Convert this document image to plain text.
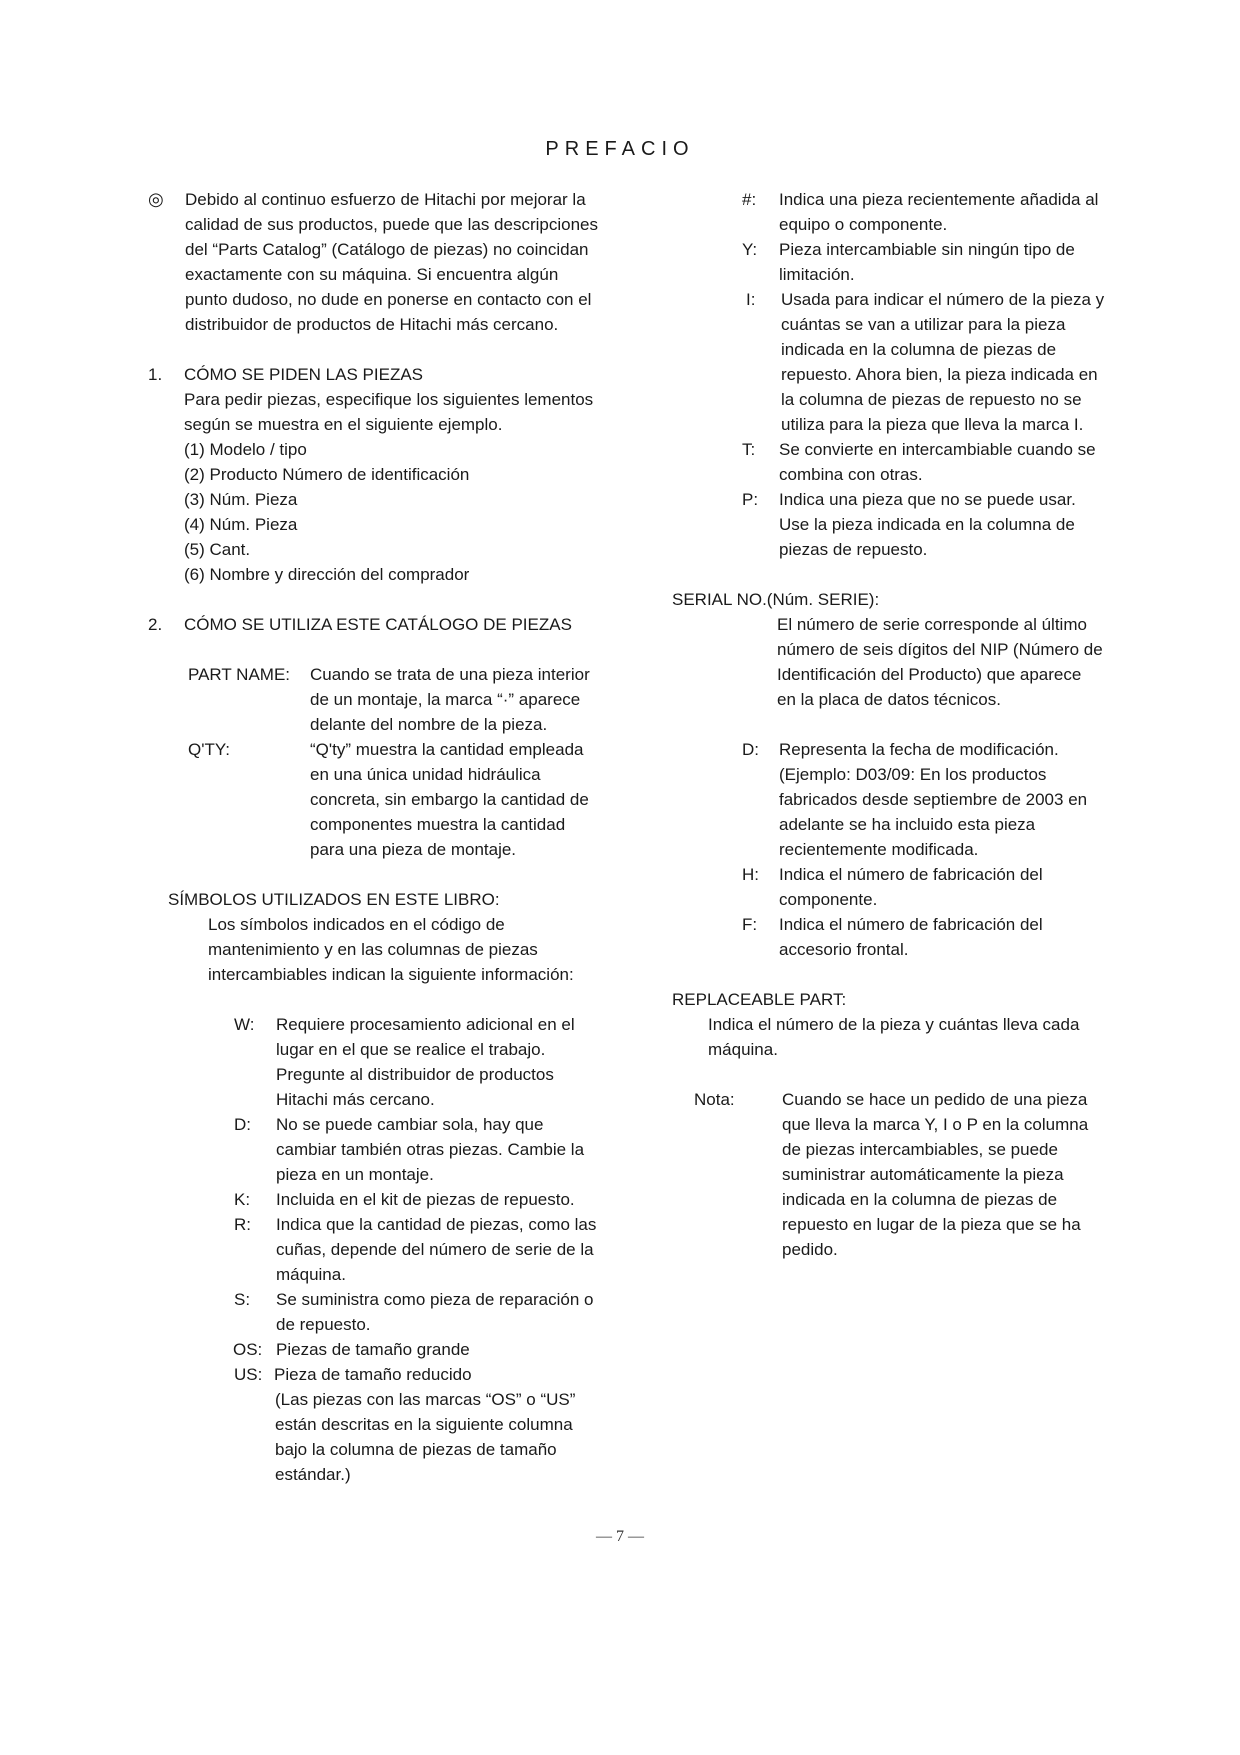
PREFACIO
◎ Debido al continuo esfuerzo de Hitachi por mejorar la
calidad de sus productos, puede que las descripciones
del “Parts Catalog” (Catálogo de piezas) no coincidan
exactamente con su máquina. Si encuentra algún
punto dudoso, no dude en ponerse en contacto con el
distribuidor de productos de Hitachi más cercano.
1. CÓMO SE PIDEN LAS PIEZAS
Para pedir piezas, especifique los siguientes lementos
según se muestra en el siguiente ejemplo.
(1) Modelo / tipo
(2) Producto Número de identificación
(3) Núm. Pieza
(4) Núm. Pieza
(5) Cant.
(6) Nombre y dirección del comprador
2. CÓMO SE UTILIZA ESTE CATÁLOGO DE PIEZAS
PART NAME: Cuando se trata de una pieza interior
de un montaje, la marca “·” aparece
delante del nombre de la pieza.
Q'TY:	“Q'ty” muestra la cantidad empleada
en una única unidad hidráulica
concreta, sin embargo la cantidad de
componentes muestra la cantidad
para una pieza de montaje.
SÍMBOLOS UTILIZADOS EN ESTE LIBRO:
Los símbolos indicados en el código de
mantenimiento y en las columnas de piezas
intercambiables indican la siguiente información:
W: Requiere procesamiento adicional en el
lugar en el que se realice el trabajo.
Pregunte al distribuidor de productos
Hitachi más cercano.
D: No se puede cambiar sola, hay que
cambiar también otras piezas. Cambie la
pieza en un montaje.
K: Incluida en el kit de piezas de repuesto.
R: Indica que la cantidad de piezas, como las
cuñas, depende del número de serie de la
máquina.
S: Se suministra como pieza de reparación o
de repuesto.
OS: Piezas de tamaño grande
US: Pieza de tamaño reducido
(Las piezas con las marcas “OS” o “US”
están descritas en la siguiente columna
bajo la columna de piezas de tamaño
estándar.)
#: Indica una pieza recientemente añadida al
equipo o componente.
Y: Pieza intercambiable sin ningún tipo de
limitación.
I: Usada para indicar el número de la pieza y
cuántas se van a utilizar para la pieza
indicada en la columna de piezas de
repuesto. Ahora bien, la pieza indicada en
la columna de piezas de repuesto no se
utiliza para la pieza que lleva la marca I.
T: Se convierte en intercambiable cuando se
combina con otras.
P: Indica una pieza que no se puede usar.
Use la pieza indicada en la columna de
piezas de repuesto.
SERIAL NO.(Núm. SERIE):
El número de serie corresponde al último
número de seis dígitos del NIP (Número de
Identificación del Producto) que aparece
en la placa de datos técnicos.
D: Representa la fecha de modificación.
(Ejemplo: D03/09: En los productos
fabricados desde septiembre de 2003 en
adelante se ha incluido esta pieza
recientemente modificada.
H: Indica el número de fabricación del
componente.
F: Indica el número de fabricación del
accesorio frontal.
REPLACEABLE PART:
Indica el número de la pieza y cuántas lleva cada
máquina.
Nota:	Cuando se hace un pedido de una pieza
que lleva la marca Y, I o P en la columna
de piezas intercambiables, se puede
suministrar automáticamente la pieza
indicada en la columna de piezas de
repuesto en lugar de la pieza que se ha
pedido.
— 7 —
